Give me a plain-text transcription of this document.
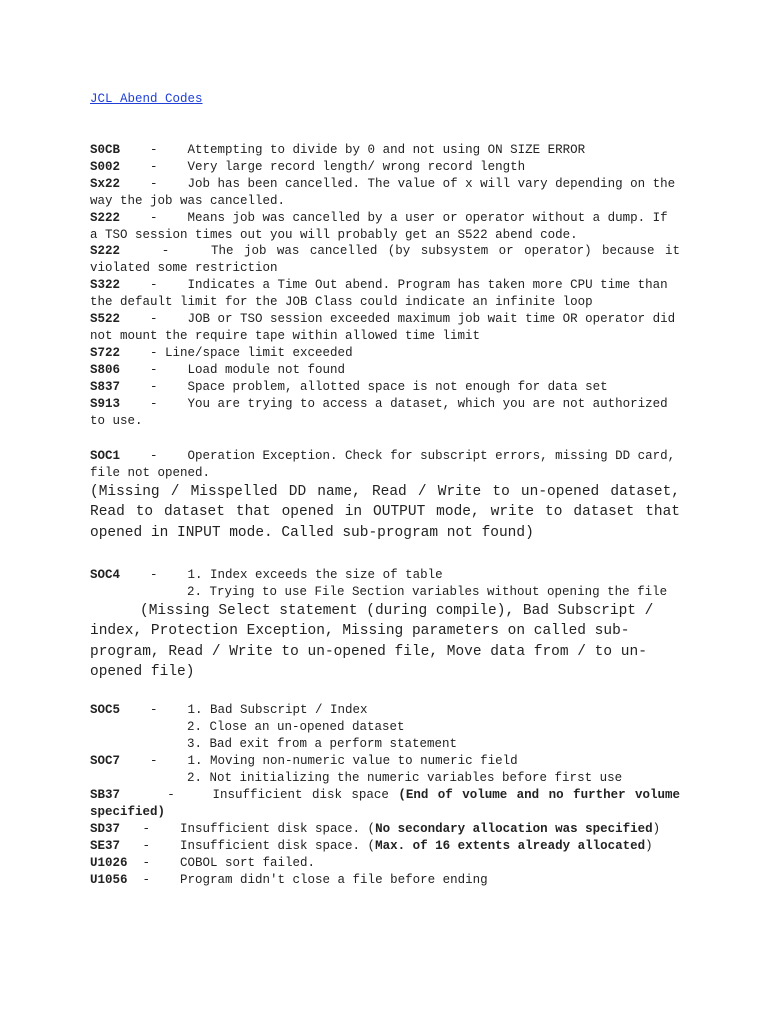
JCL Abend Codes
S0CB    -    Attempting to divide by 0 and not using ON SIZE ERROR
S002    -    Very large record length/ wrong record length
Sx22    -    Job has been cancelled. The value of x will vary depending on the way the job was cancelled.
S222    -    Means job was cancelled by a user or operator without a dump. If a TSO session times out you will probably get an S522 abend code.
S222    -    The job was cancelled (by subsystem or operator) because it violated some restriction
S322    -    Indicates a Time Out abend. Program has taken more CPU time than the default limit for the JOB Class could indicate an infinite loop
S522    -    JOB or TSO session exceeded maximum job wait time OR operator did not mount the require tape within allowed time limit
S722 - Line/space limit exceeded
S806    -    Load module not found
S837    -    Space problem, allotted space is not enough for data set
S913    -    You are trying to access a dataset, which you are not authorized to use.
SOC1    -    Operation Exception. Check for subscript errors, missing DD card, file not opened.
(Missing / Misspelled DD name, Read / Write to un-opened dataset, Read to dataset that opened in OUTPUT mode, write to dataset that opened in INPUT mode. Called sub-program not found)
SOC4    -    1. Index exceeds the size of table
2. Trying to use File Section variables without opening the file
(Missing Select statement (during compile), Bad Subscript / index, Protection Exception, Missing parameters on called sub-program, Read / Write to un-opened file, Move data from / to un-opened file)
SOC5    -    1. Bad Subscript / Index
2. Close an un-opened dataset
3. Bad exit from a perform statement
SOC7    -    1. Moving non-numeric value to numeric field
2. Not initializing the numeric variables before first use
SB37     -    Insufficient disk space (End of volume and no further volume specified)
SD37   -    Insufficient disk space. (No secondary allocation was specified)
SE37   -    Insufficient disk space. (Max. of 16 extents already allocated)
U1026  -    COBOL sort failed.
U1056  -    Program didn't close a file before ending
